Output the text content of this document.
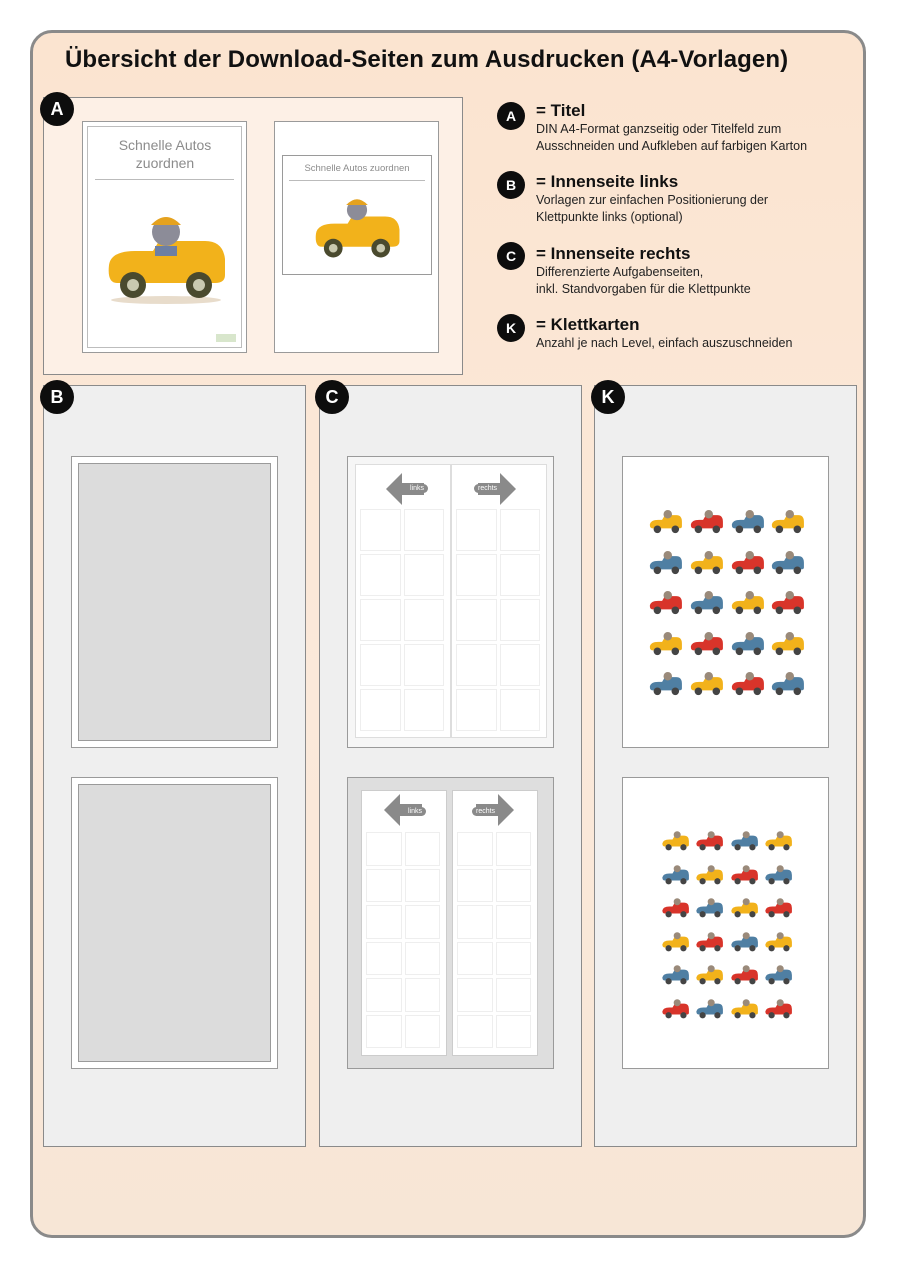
Übersicht der Download-Seiten zum Ausdrucken (A4-Vorlagen)
A
Schnelle Autos zuordnen	Schnelle Autos zuordnen
A	= Titel
DIN A4-Format ganzseitig oder Titelfeld zum
Ausschneiden und Aufkleben auf farbigen Karton
B	= Innenseite links
Vorlagen zur einfachen Positionierung der
Klettpunkte links (optional)
C	= Innenseite rechts
Differenzierte Aufgabenseiten,
inkl. Standvorgaben für die Klettpunkte
K	= Klettkarten
Anzahl je nach Level, einfach auszuschneiden
B	C
links	rechts
links	rechts
K
